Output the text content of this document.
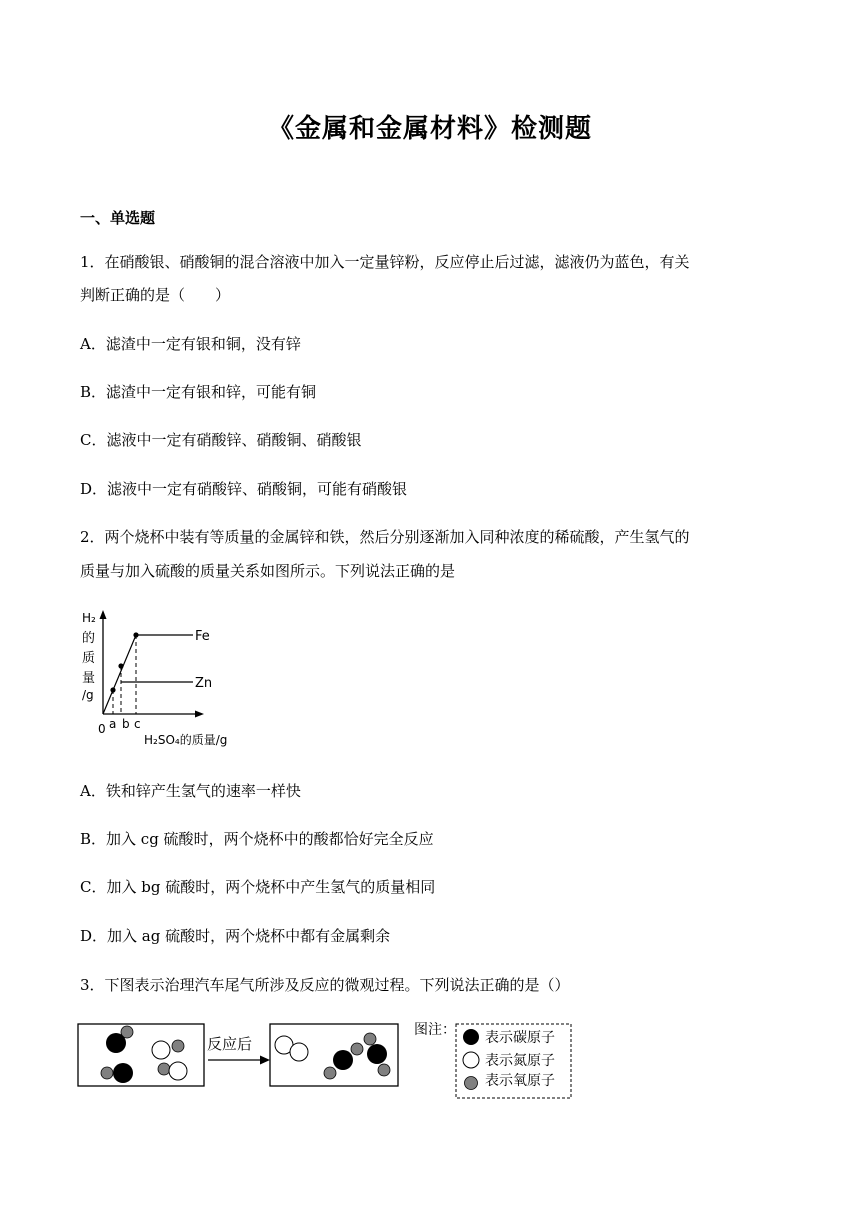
《金属和金属材料》检测题
一、单选题
1．在硝酸银、硝酸铜的混合溶液中加入一定量锌粉，反应停止后过滤，滤液仍为蓝色，有关
判断正确的是（　　）
A．滤渣中一定有银和铜，没有锌
B．滤渣中一定有银和锌，可能有铜
C．滤液中一定有硝酸锌、硝酸铜、硝酸银
D．滤液中一定有硝酸锌、硝酸铜，可能有硝酸银
2．两个烧杯中装有等质量的金属锌和铁，然后分别逐渐加入同种浓度的稀硫酸，产生氢气的
质量与加入硫酸的质量关系如图所示。下列说法正确的是
H₂
的
质
量
/g
Fe
Zn
0 a b c
H₂SO₄的质量/g
A．铁和锌产生氢气的速率一样快
B．加入 cg 硫酸时，两个烧杯中的酸都恰好完全反应
C．加入 bg 硫酸时，两个烧杯中产生氢气的质量相同
D．加入 ag 硫酸时，两个烧杯中都有金属剩余
3．下图表示治理汽车尾气所涉及反应的微观过程。下列说法正确的是（）
反应后
图注： 表示碳原子
表示氮原子
表示氧原子
